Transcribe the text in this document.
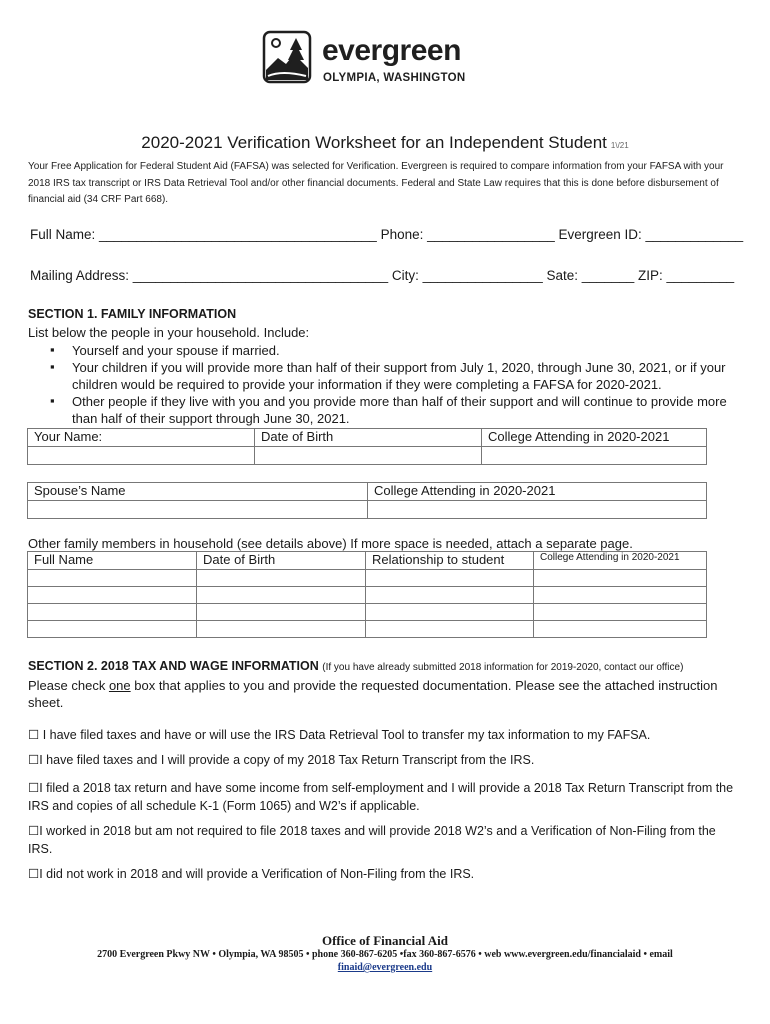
evergreen
OLYMPIA, WASHINGTON
2020-2021 Verification Worksheet for an Independent Student 1\/21
Your Free Application for Federal Student Aid (FAFSA) was selected for Verification. Evergreen is required to compare information from your FAFSA with your 2018 IRS tax transcript or IRS Data Retrieval Tool and/or other financial documents. Federal and State Law requires that this is done before disbursement of financial aid (34 CRF Part 668).
Full Name: _____________________________________ Phone: _________________ Evergreen ID: _____________
Mailing Address: __________________________________ City: ________________ Sate: _______ ZIP: _________
SECTION 1. FAMILY INFORMATION
List below the people in your household. Include:
▪ Yourself and your spouse if married.
▪ Your children if you will provide more than half of their support from July 1, 2020, through June 30, 2021, or if your children would be required to provide your information if they were completing a FAFSA for 2020-2021.
▪ Other people if they live with you and you provide more than half of their support and will continue to provide more than half of their support through June 30, 2021.
Your Name:	Date of Birth	College Attending in 2020-2021

Spouse’s Name	College Attending in 2020-2021

Other family members in household (see details above) If more space is needed, attach a separate page.
Full Name	Date of Birth	Relationship to student	College Attending in 2020-2021

SECTION 2. 2018 TAX AND WAGE INFORMATION (If you have already submitted 2018 information for 2019-2020, contact our office)
Please check one box that applies to you and provide the requested documentation. Please see the attached instruction sheet.
☐ I have filed taxes and have or will use the IRS Data Retrieval Tool to transfer my tax information to my FAFSA.
☐I have filed taxes and I will provide a copy of my 2018 Tax Return Transcript from the IRS.
☐I filed a 2018 tax return and have some income from self-employment and I will provide a 2018 Tax Return Transcript from the IRS and copies of all schedule K-1 (Form 1065) and W2’s if applicable.
☐I worked in 2018 but am not required to file 2018 taxes and will provide 2018 W2’s and a Verification of Non-Filing from the IRS.
☐I did not work in 2018 and will provide a Verification of Non-Filing from the IRS.
Office of Financial Aid
2700 Evergreen Pkwy NW • Olympia, WA 98505 • phone 360-867-6205 •fax 360-867-6576 • web www.evergreen.edu/financialaid • email
finaid@evergreen.edu
